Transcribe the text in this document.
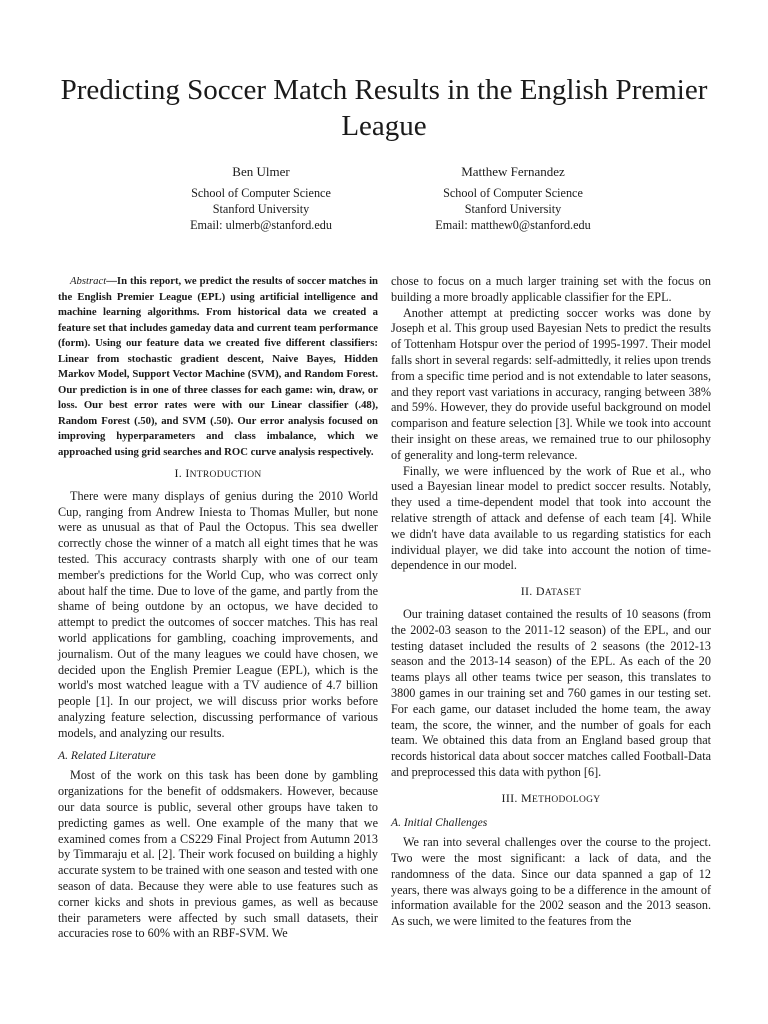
Predicting Soccer Match Results in the English Premier League
Ben Ulmer
School of Computer Science
Stanford University
Email: ulmerb@stanford.edu
Matthew Fernandez
School of Computer Science
Stanford University
Email: matthew0@stanford.edu

Abstract—In this report, we predict the results of soccer matches in the English Premier League (EPL) using artificial intelligence and machine learning algorithms. From historical data we created a feature set that includes gameday data and current team performance (form). Using our feature data we created five different classifiers: Linear from stochastic gradient descent, Naive Bayes, Hidden Markov Model, Support Vector Machine (SVM), and Random Forest. Our prediction is in one of three classes for each game: win, draw, or loss. Our best error rates were with our Linear classifier (.48), Random Forest (.50), and SVM (.50). Our error analysis focused on improving hyperparameters and class imbalance, which we approached using grid searches and ROC curve analysis respectively.

I. INTRODUCTION

There were many displays of genius during the 2010 World Cup, ranging from Andrew Iniesta to Thomas Muller, but none were as unusual as that of Paul the Octopus. This sea dweller correctly chose the winner of a match all eight times that he was tested. This accuracy contrasts sharply with one of our team member's predictions for the World Cup, who was correct only about half the time. Due to love of the game, and partly from the shame of being outdone by an octopus, we have decided to attempt to predict the outcomes of soccer matches. This has real world applications for gambling, coaching improvements, and journalism. Out of the many leagues we could have chosen, we decided upon the English Premier League (EPL), which is the world's most watched league with a TV audience of 4.7 billion people [1]. In our project, we will discuss prior works before analyzing feature selection, discussing performance of various models, and analyzing our results.

A. Related Literature

Most of the work on this task has been done by gambling organizations for the benefit of oddsmakers. However, because our data source is public, several other groups have taken to predicting games as well. One example of the many that we examined comes from a CS229 Final Project from Autumn 2013 by Timmaraju et al. [2]. Their work focused on building a highly accurate system to be trained with one season and tested with one season of data. Because they were able to use features such as corner kicks and shots in previous games, as well as because their parameters were affected by such small datasets, their accuracies rose to 60% with an RBF-SVM. We

chose to focus on a much larger training set with the focus on building a more broadly applicable classifier for the EPL.

Another attempt at predicting soccer works was done by Joseph et al. This group used Bayesian Nets to predict the results of Tottenham Hotspur over the period of 1995-1997. Their model falls short in several regards: self-admittedly, it relies upon trends from a specific time period and is not extendable to later seasons, and they report vast variations in accuracy, ranging between 38% and 59%. However, they do provide useful background on model comparison and feature selection [3]. While we took into account their insight on these areas, we remained true to our philosophy of generality and long-term relevance.

Finally, we were influenced by the work of Rue et al., who used a Bayesian linear model to predict soccer results. Notably, they used a time-dependent model that took into account the relative strength of attack and defense of each team [4]. While we didn't have data available to us regarding statistics for each individual player, we did take into account the notion of time-dependence in our model.

II. DATASET

Our training dataset contained the results of 10 seasons (from the 2002-03 season to the 2011-12 season) of the EPL, and our testing dataset included the results of 2 seasons (the 2012-13 season and the 2013-14 season) of the EPL. As each of the 20 teams plays all other teams twice per season, this translates to 3800 games in our training set and 760 games in our testing set. For each game, our dataset included the home team, the away team, the score, the winner, and the number of goals for each team. We obtained this data from an England based group that records historical data about soccer matches called Football-Data and preprocessed this data with python [6].

III. METHODOLOGY
A. Initial Challenges

We ran into several challenges over the course to the project. Two were the most significant: a lack of data, and the randomness of the data. Since our data spanned a gap of 12 years, there was always going to be a difference in the amount of information available for the 2002 season and the 2013 season. As such, we were limited to the features from the
